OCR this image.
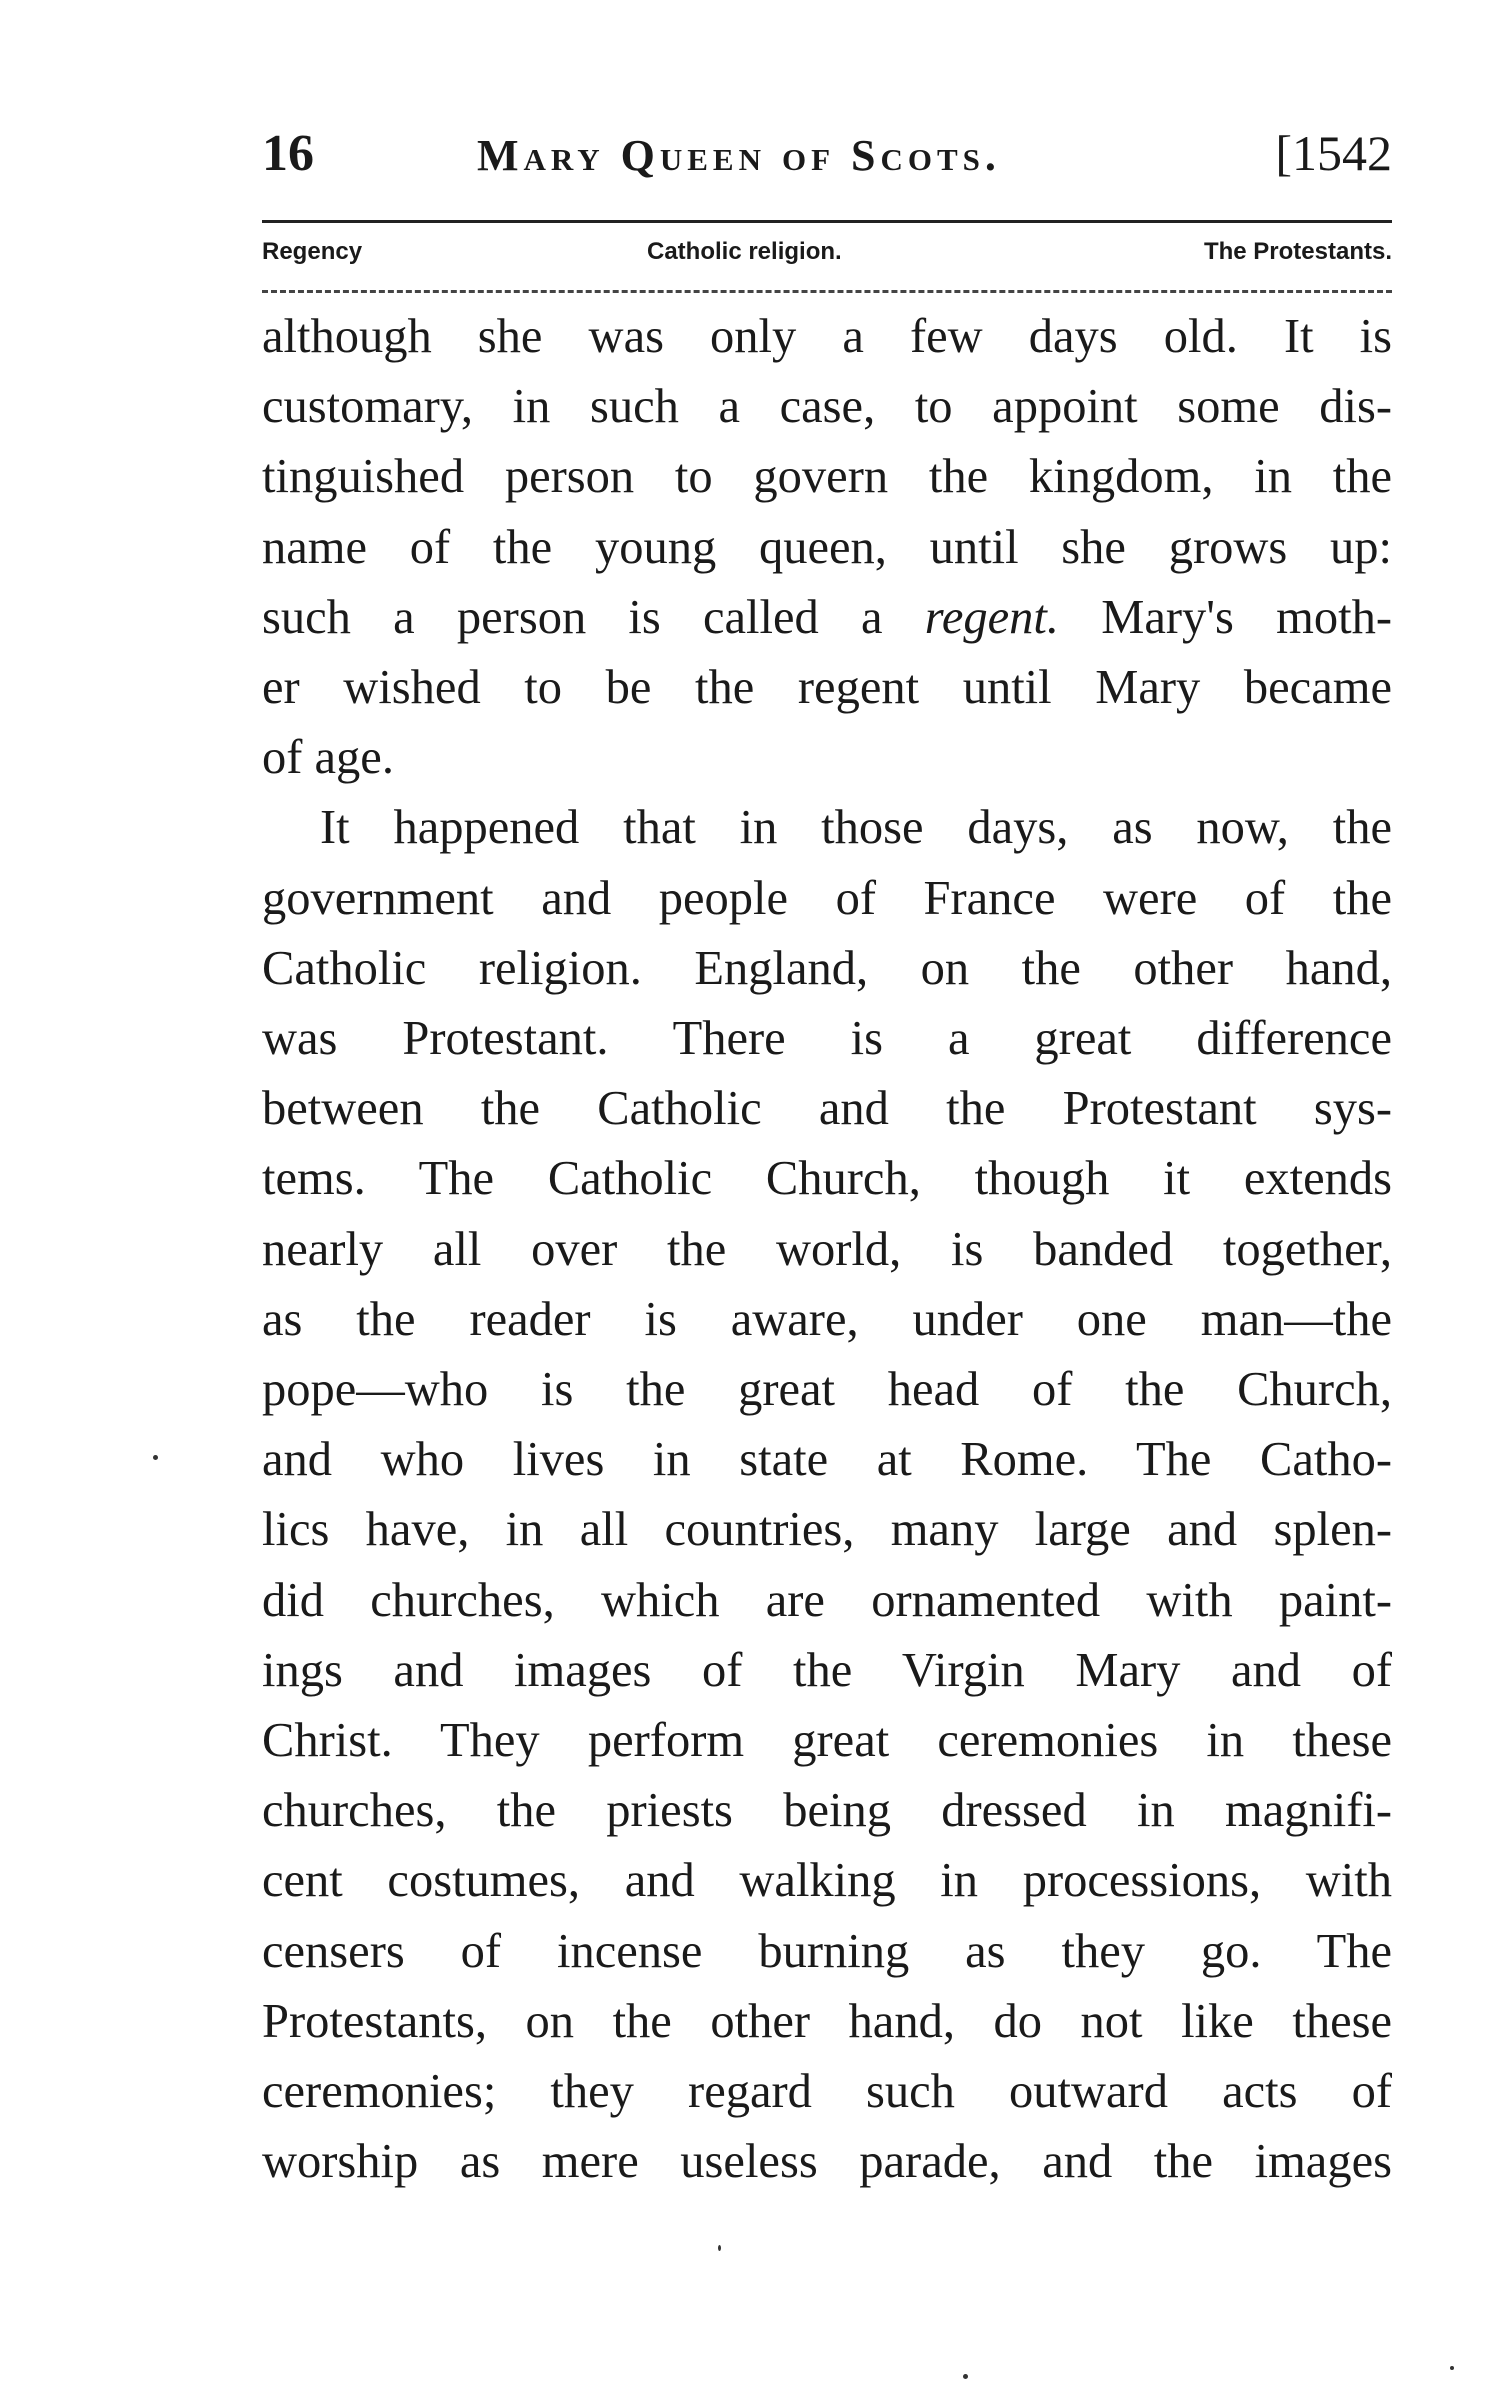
16	Mary Queen of Scots.	[1542
Regency	Catholic religion.	The Protestants.
although she was only a few days old. It is
customary, in such a case, to appoint some dis-
tinguished person to govern the kingdom, in the
name of the young queen, until she grows up:
such a person is called a regent. Mary's moth-
er wished to be the regent until Mary became
of age.
It happened that in those days, as now, the
government and people of France were of the
Catholic religion. England, on the other hand,
was Protestant. There is a great difference
between the Catholic and the Protestant sys-
tems. The Catholic Church, though it extends
nearly all over the world, is banded together,
as the reader is aware, under one man—the
pope—who is the great head of the Church,
and who lives in state at Rome. The Catho-
lics have, in all countries, many large and splen-
did churches, which are ornamented with paint-
ings and images of the Virgin Mary and of
Christ. They perform great ceremonies in these
churches, the priests being dressed in magnifi-
cent costumes, and walking in processions, with
censers of incense burning as they go. The
Protestants, on the other hand, do not like these
ceremonies; they regard such outward acts of
worship as mere useless parade, and the images
